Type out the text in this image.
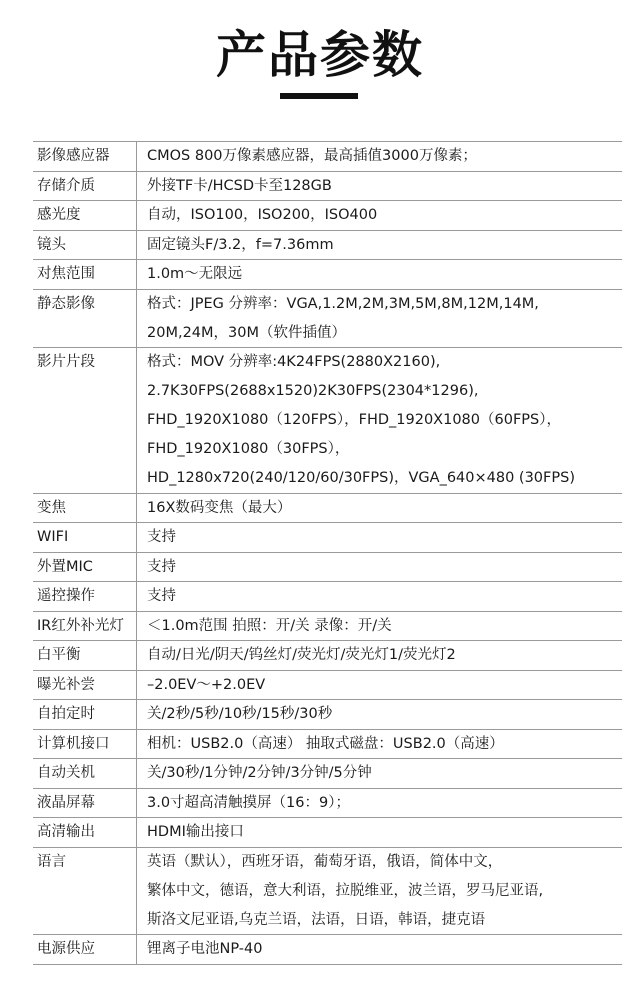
产品参数
影像感应器	CMOS 800万像素感应器，最高插值3000万像素；
存储介质	外接TF卡/HCSD卡至128GB
感光度	自动，ISO100，ISO200，ISO400
镜头	固定镜头F/3.2，f=7.36mm
对焦范围	1.0m～无限远
静态影像	格式：JPEG 分辨率：VGA,1.2M,2M,3M,5M,8M,12M,14M,
20M,24M，30M（软件插值）
影片片段	格式：MOV 分辨率:4K24FPS(2880X2160),
2.7K30FPS(2688x1520)2K30FPS(2304*1296),
FHD_1920X1080（120FPS），FHD_1920X1080（60FPS），
FHD_1920X1080（30FPS），
HD_1280x720(240/120/60/30FPS)，VGA_640×480 (30FPS)
变焦	16X数码变焦（最大）
WIFI	支持
外置MIC	支持
遥控操作	支持
IR红外补光灯	＜1.0m范围 拍照：开/关 录像：开/关
白平衡	自动/日光/阴天/钨丝灯/荧光灯/荧光灯1/荧光灯2
曝光补尝	–2.0EV～+2.0EV
自拍定时	关/2秒/5秒/10秒/15秒/30秒
计算机接口	相机：USB2.0（高速） 抽取式磁盘：USB2.0（高速）
自动关机	关/30秒/1分钟/2分钟/3分钟/5分钟
液晶屏幕	3.0寸超高清触摸屏（16：9）；
高清输出	HDMI输出接口
语言	英语（默认），西班牙语，葡萄牙语，俄语，简体中文，
繁体中文，德语，意大利语，拉脱维亚，波兰语，罗马尼亚语,
斯洛文尼亚语,乌克兰语，法语，日语，韩语，捷克语
电源供应	锂离子电池NP-40
